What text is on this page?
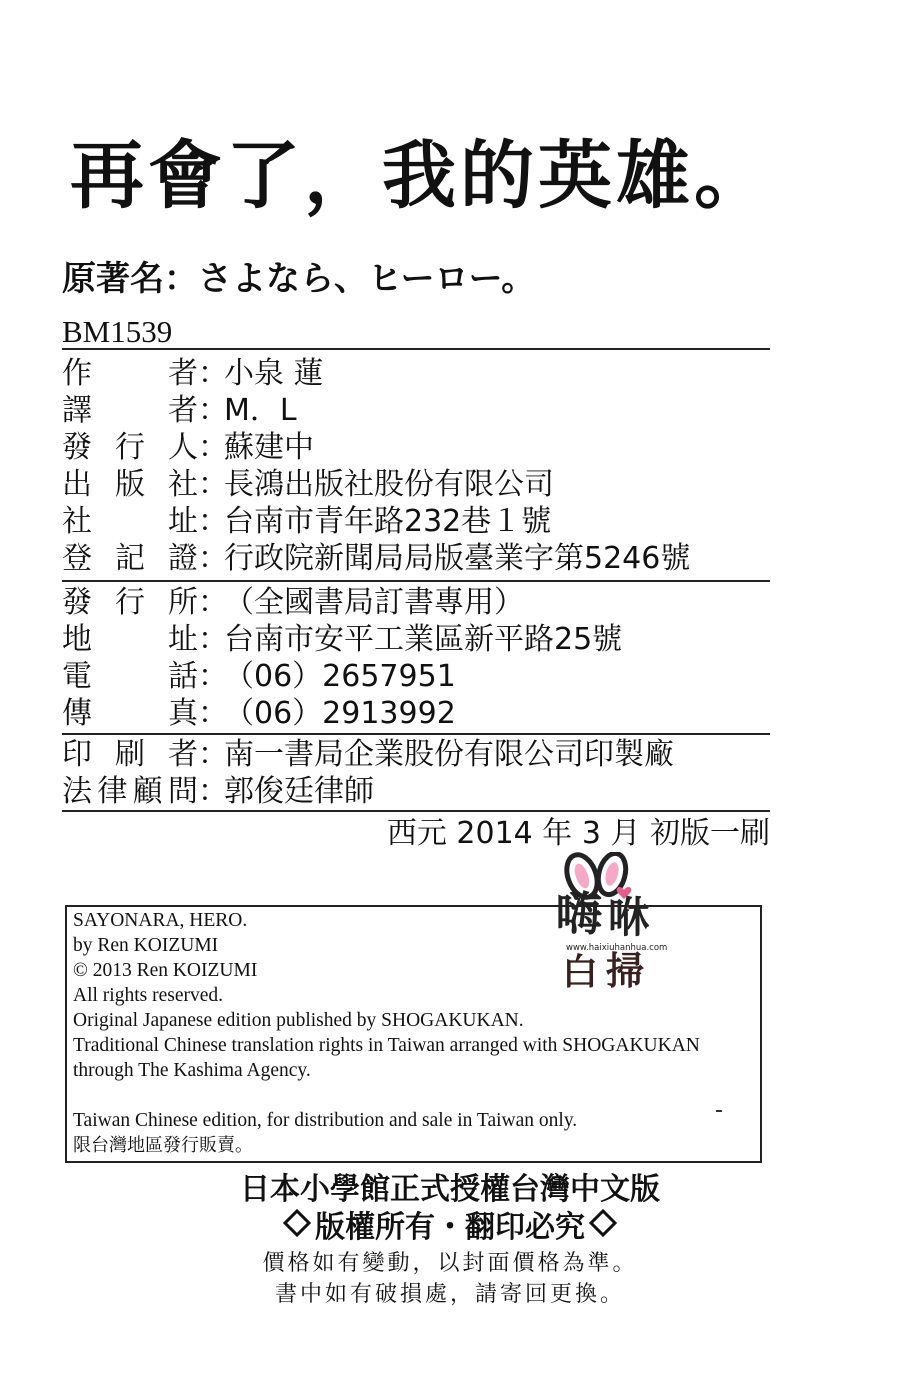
再會了，我的英雄。
原著名：さよなら、ヒーロー。
BM1539
作	者 ：
小泉 蓮
譯	者 ：
M．L
發 行 人 ：
蘇建中
出 版 社 ：
長鴻出版社股份有限公司
社	址 ：
台南市青年路232巷１號
登 記 證 ：
行政院新聞局局版臺業字第5246號
發 行 所 ：
（全國書局訂書專用）
地	址 ：
台南市安平工業區新平路25號
電	話 ：
（06）2657951
傳	真 ：
（06）2913992
印 刷 者 ：
南一書局企業股份有限公司印製廠
法 律 顧 問 ：
郭俊廷律師
西元 2014 年 3 月 初版一刷
嗨 咻
www.haixiuhanhua.com
白 掃
SAYONARA, HERO.
by Ren KOIZUMI
© 2013 Ren KOIZUMI
All rights reserved.
Original Japanese edition published by SHOGAKUKAN.
Traditional Chinese translation rights in Taiwan arranged with SHOGAKUKAN
through The Kashima Agency.
Taiwan Chinese edition, for distribution and sale in Taiwan only.
限台灣地區發行販賣。
日本小學館正式授權台灣中文版
版權所有・翻印必究
價格如有變動，以封面價格為準。
書中如有破損處，請寄回更換。
